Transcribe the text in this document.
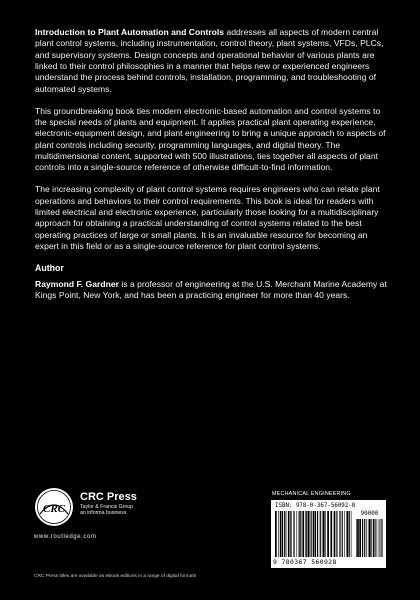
Introduction to Plant Automation and Controls addresses all aspects of modern central plant control systems, including instrumentation, control theory, plant systems, VFDs, PLCs, and supervisory systems. Design concepts and operational behavior of various plants are linked to their control philosophies in a manner that helps new or experienced engineers understand the process behind controls, installation, programming, and troubleshooting of automated systems.

This groundbreaking book ties modern electronic-based automation and control systems to the special needs of plants and equipment. It applies practical plant operating experience, electronic-equipment design, and plant engineering to bring a unique approach to aspects of plant controls including security, programming languages, and digital theory. The multidimensional content, supported with 500 illustrations, ties together all aspects of plant controls into a single-source reference of otherwise difficult-to-find information.

The increasing complexity of plant control systems requires engineers who can relate plant operations and behaviors to their control requirements. This book is ideal for readers with limited electrical and electronic experience, particularly those looking for a multidisciplinary approach for obtaining a practical understanding of control systems related to the best operating practices of large or small plants. It is an invaluable resource for becoming an expert in this field or as a single-source reference for plant control systems.

Author

Raymond F. Gardner is a professor of engineering at the U.S. Merchant Marine Academy at Kings Point, New York, and has been a practicing engineer for more than 40 years.

CRC
CRC Press
Taylor & Francis Group
an informa business
www.routledge.com
CRC Press titles are available as eBook editions in a range of digital formats
MECHANICAL ENGINEERING
ISBN: 978-0-367-56092-8
90000
9 780367 560928
